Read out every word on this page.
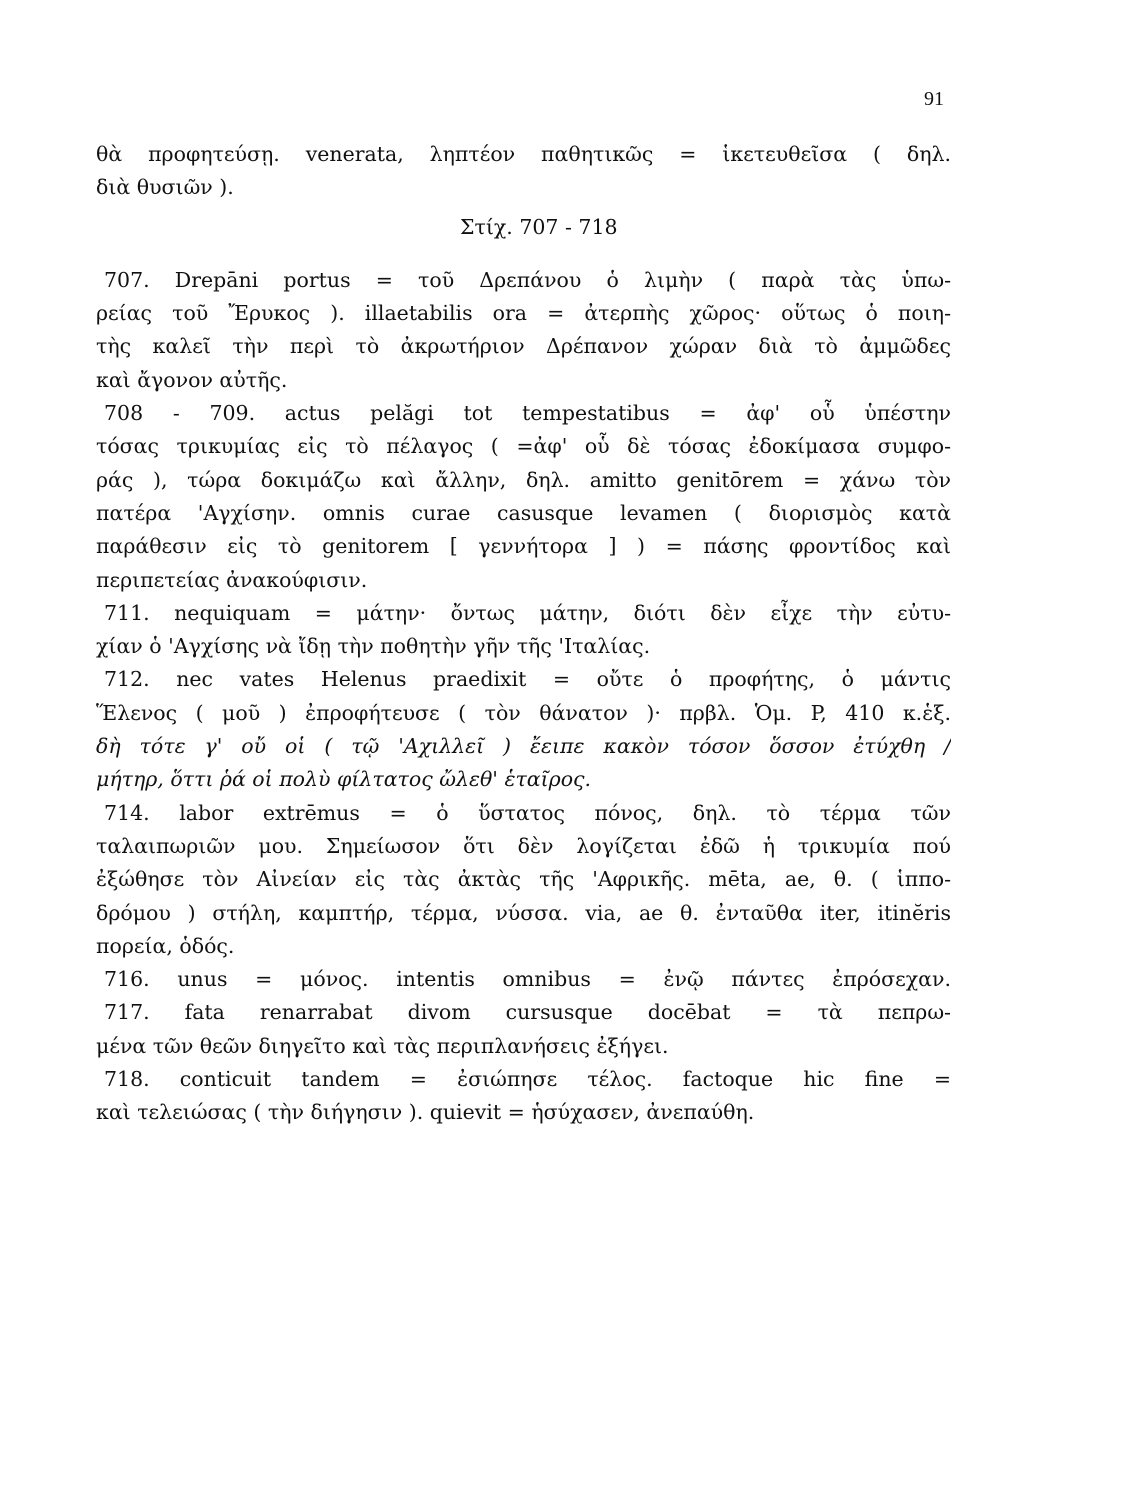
91
θὰ προφητεύσῃ. venerata, ληπτέον παθητικῶς = ἱκετευθεῖσα ( δηλ.
διὰ θυσιῶν ).
Στίχ. 707 - 718
707. Drepāni portus = τοῦ Δρεπάνου ὁ λιμὴν ( παρὰ τὰς ὑπω-
ρείας τοῦ Ἔρυκος ). illaetabilis ora = ἀτερπὴς χῶρος· οὕτως ὁ ποιη-
τὴς καλεῖ τὴν περὶ τὸ ἀκρωτήριον Δρέπανον χώραν διὰ τὸ ἀμμῶδες
καὶ ἄγονον αὐτῆς.
708 - 709. actus pelăgi tot tempestatibus = ἀφ' οὗ ὑπέστην
τόσας τρικυμίας εἰς τὸ πέλαγος ( =ἀφ' οὗ δὲ τόσας ἐδοκίμασα συμφο-
ράς ), τώρα δοκιμάζω καὶ ἄλλην, δηλ. amitto genitōrem = χάνω τὸν
πατέρα 'Αγχίσην. omnis curae casusque levamen ( διορισμὸς κατὰ
παράθεσιν εἰς τὸ genitorem [ γεννήτορα ] ) = πάσης φροντίδος καὶ
περιπετείας ἀνακούφισιν.
711. nequiquam = μάτην· ὄντως μάτην, διότι δὲν εἶχε τὴν εὐτυ-
χίαν ὁ 'Αγχίσης νὰ ἴδῃ τὴν ποθητὴν γῆν τῆς 'Ιταλίας.
712. nec vates Helenus praedixit = οὔτε ὁ προφήτης, ὁ μάντις
Ἕλενος ( μοῦ ) ἐπροφήτευσε ( τὸν θάνατον )· πρβλ. Ὁμ. P, 410 κ.ἑξ.
δὴ τότε γ' οὔ οἱ ( τῷ 'Αχιλλεῖ ) ἔειπε κακὸν τόσον ὅσσον ἐτύχθη /
μήτηρ, ὅττι ῥά οἱ πολὺ φίλτατος ὤλεθ' ἑταῖρος.
714. labor extrēmus = ὁ ὕστατος πόνος, δηλ. τὸ τέρμα τῶν
ταλαιπωριῶν μου. Σημείωσον ὅτι δὲν λογίζεται ἐδῶ ἡ τρικυμία πού
ἐξώθησε τὸν Αἰνείαν εἰς τὰς ἀκτὰς τῆς 'Αφρικῆς. mēta, ae, θ. ( ἱππο-
δρόμου ) στήλη, καμπτήρ, τέρμα, νύσσα. via, ae θ. ἐνταῦθα iter, itinĕris
πορεία, ὁδός.
716. unus = μόνος. intentis omnibus = ἐνῷ πάντες ἐπρόσεχαν.
717. fata renarrabat divom cursusque docēbat = τὰ πεπρω-
μένα τῶν θεῶν διηγεῖτο καὶ τὰς περιπλανήσεις ἐξήγει.
718. conticuit tandem = ἐσιώπησε τέλος. factoque hic fine =
καὶ τελειώσας ( τὴν διήγησιν ). quievit = ἡσύχασεν, ἀνεπαύθη.
